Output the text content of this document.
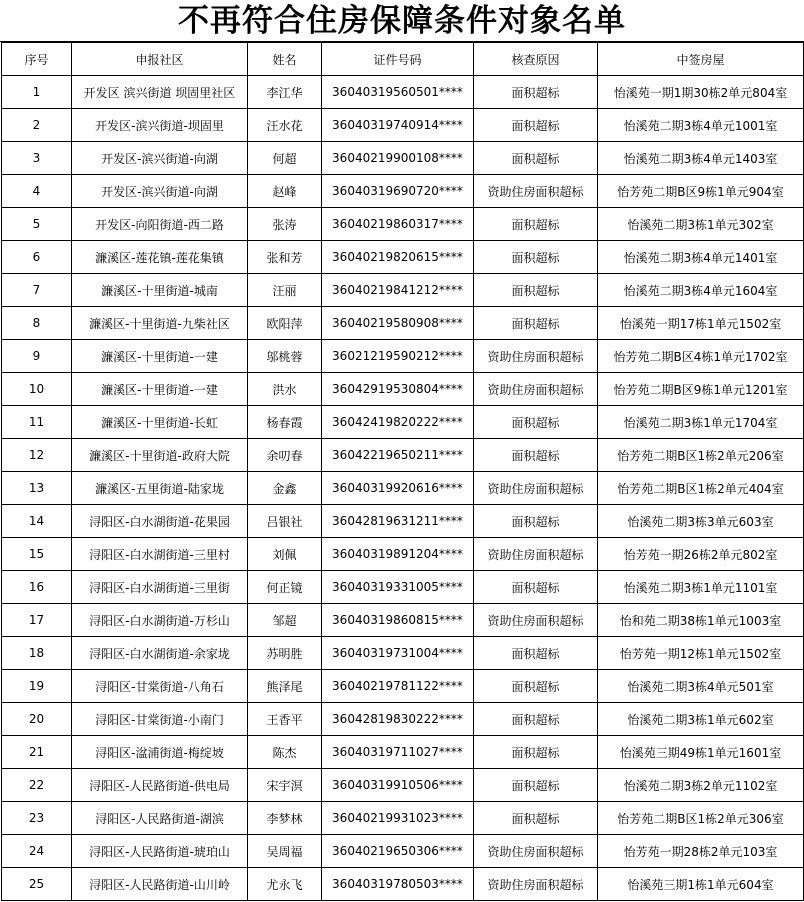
不再符合住房保障条件对象名单
序号	申报社区	姓名	证件号码	核查原因	中签房屋
1	开发区 滨兴街道 坝固里社区	李江华	36040319560501****	面积超标	怡溪苑一期1期30栋2单元804室
2	开发区-滨兴街道-坝固里	汪水花	36040319740914****	面积超标	怡溪苑二期3栋4单元1001室
3	开发区-滨兴街道-向湖	何超	36040219900108****	面积超标	怡溪苑二期3栋4单元1403室
4	开发区-滨兴街道-向湖	赵峰	36040319690720****	资助住房面积超标	怡芳苑二期B区9栋1单元904室
5	开发区-向阳街道-西二路	张涛	36040219860317****	面积超标	怡溪苑二期3栋1单元302室
6	濂溪区-莲花镇-莲花集镇	张和芳	36040219820615****	面积超标	怡溪苑二期3栋4单元1401室
7	濂溪区-十里街道-城南	汪丽	36040219841212****	面积超标	怡溪苑二期3栋4单元1604室
8	濂溪区-十里街道-九柴社区	欧阳萍	36040219580908****	面积超标	怡溪苑一期17栋1单元1502室
9	濂溪区-十里街道-一建	邬桃蓉	36021219590212****	资助住房面积超标	怡芳苑二期B区4栋1单元1702室
10	濂溪区-十里街道-一建	洪水	36042919530804****	资助住房面积超标	怡芳苑二期B区9栋1单元1201室
11	濂溪区-十里街道-长虹	杨春霞	36042419820222****	面积超标	怡溪苑二期3栋1单元1704室
12	濂溪区-十里街道-政府大院	余叨春	36042219650211****	面积超标	怡芳苑二期B区1栋2单元206室
13	濂溪区-五里街道-陆家垅	金鑫	36040319920616****	资助住房面积超标	怡芳苑二期B区1栋2单元404室
14	浔阳区-白水湖街道-花果园	吕银社	36042819631211****	面积超标	怡溪苑二期3栋3单元603室
15	浔阳区-白水湖街道-三里村	刘佩	36040319891204****	资助住房面积超标	怡芳苑一期26栋2单元802室
16	浔阳区-白水湖街道-三里街	何正镜	36040319331005****	面积超标	怡溪苑二期3栋1单元1101室
17	浔阳区-白水湖街道-万杉山	邹超	36040319860815****	资助住房面积超标	怡和苑二期38栋1单元1003室
18	浔阳区-白水湖街道-余家垅	苏明胜	36040319731004****	面积超标	怡芳苑一期12栋1单元1502室
19	浔阳区-甘棠街道-八角石	熊泽尾	36040219781122****	面积超标	怡溪苑二期3栋4单元501室
20	浔阳区-甘棠街道-小南门	王香平	36042819830222****	面积超标	怡溪苑二期3栋1单元602室
21	浔阳区-湓浦街道-梅绽坡	陈杰	36040319711027****	面积超标	怡溪苑三期49栋1单元1601室
22	浔阳区-人民路街道-供电局	宋宇溟	36040319910506****	面积超标	怡溪苑二期3栋2单元1102室
23	浔阳区-人民路街道-湖滨	李梦林	36040219931023****	面积超标	怡芳苑二期B区1栋2单元306室
24	浔阳区-人民路街道-琥珀山	吴周福	36040219650306****	资助住房面积超标	怡芳苑一期28栋2单元103室
25	浔阳区-人民路街道-山川岭	尤永飞	36040319780503****	资助住房面积超标	怡溪苑三期1栋1单元604室
